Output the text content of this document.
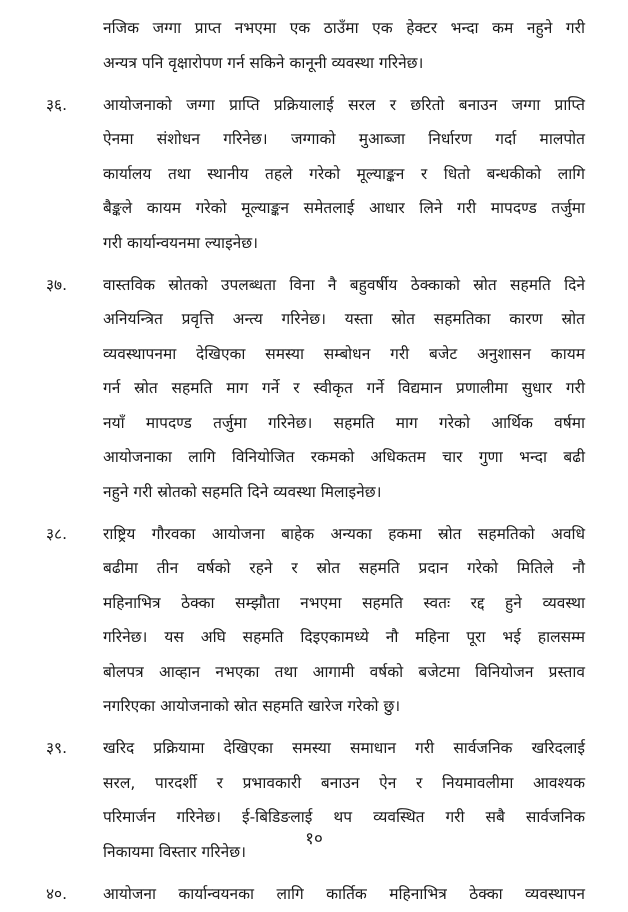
नजिक जग्गा प्राप्त नभएमा एक ठाउँमा एक हेक्टर भन्दा कम नहुने गरी
अन्यत्र पनि वृक्षारोपण गर्न सकिने कानूनी व्यवस्था गरिनेछ।
३६. आयोजनाको जग्गा प्राप्ति प्रक्रियालाई सरल र छरितो बनाउन जग्गा प्राप्ति
ऐनमा संशोधन गरिनेछ। जग्गाको मुआब्जा निर्धारण गर्दा मालपोत
कार्यालय तथा स्थानीय तहले गरेको मूल्याङ्कन र धितो बन्धकीको लागि
बैङ्कले कायम गरेको मूल्याङ्कन समेतलाई आधार लिने गरी मापदण्ड तर्जुमा
गरी कार्यान्वयनमा ल्याइनेछ।
३७. वास्तविक स्रोतको उपलब्धता विना नै बहुवर्षीय ठेक्काको स्रोत सहमति दिने
अनियन्त्रित प्रवृत्ति अन्त्य गरिनेछ। यस्ता स्रोत सहमतिका कारण स्रोत
व्यवस्थापनमा देखिएका समस्या सम्बोधन गरी बजेट अनुशासन कायम
गर्न स्रोत सहमति माग गर्ने र स्वीकृत गर्ने विद्यमान प्रणालीमा सुधार गरी
नयाँ मापदण्ड तर्जुमा गरिनेछ। सहमति माग गरेको आर्थिक वर्षमा
आयोजनाका लागि विनियोजित रकमको अधिकतम चार गुणा भन्दा बढी
नहुने गरी स्रोतको सहमति दिने व्यवस्था मिलाइनेछ।
३८. राष्ट्रिय गौरवका आयोजना बाहेक अन्यका हकमा स्रोत सहमतिको अवधि
बढीमा तीन वर्षको रहने र स्रोत सहमति प्रदान गरेको मितिले नौ
महिनाभित्र ठेक्का सम्झौता नभएमा सहमति स्वतः रद्द हुने व्यवस्था
गरिनेछ। यस अघि सहमति दिइएकामध्ये नौ महिना पूरा भई हालसम्म
बोलपत्र आव्हान नभएका तथा आगामी वर्षको बजेटमा विनियोजन प्रस्ताव
नगरिएका आयोजनाको स्रोत सहमति खारेज गरेको छु।
३९. खरिद प्रक्रियामा देखिएका समस्या समाधान गरी सार्वजनिक खरिदलाई
सरल, पारदर्शी र प्रभावकारी बनाउन ऐन र नियमावलीमा आवश्यक
परिमार्जन गरिनेछ। ई-बिडिङलाई थप व्यवस्थित गरी सबै सार्वजनिक
निकायमा विस्तार गरिनेछ।
४०. आयोजना कार्यान्वयनका लागि कार्तिक महिनाभित्र ठेक्का व्यवस्थापन
१०
